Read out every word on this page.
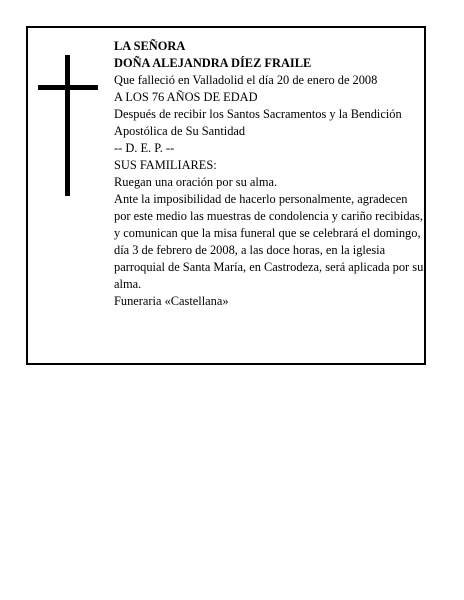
LA SEÑORA

DOÑA ALEJANDRA DÍEZ FRAILE

Que falleció en Valladolid el día 20 de enero de 2008

A LOS 76 AÑOS DE EDAD

Después de recibir los Santos Sacramentos y la Bendición Apostólica de Su Santidad

-- D. E. P. --

SUS FAMILIARES:

Ruegan una oración por su alma.

Ante la imposibilidad de hacerlo personalmente, agradecen por este medio las muestras de condolencia y cariño recibidas, y comunican que la misa funeral que se celebrará el domingo, día 3 de febrero de 2008, a las doce horas, en la iglesia parroquial de Santa María, en Castrodeza, será aplicada por su alma.

Funeraria «Castellana»
